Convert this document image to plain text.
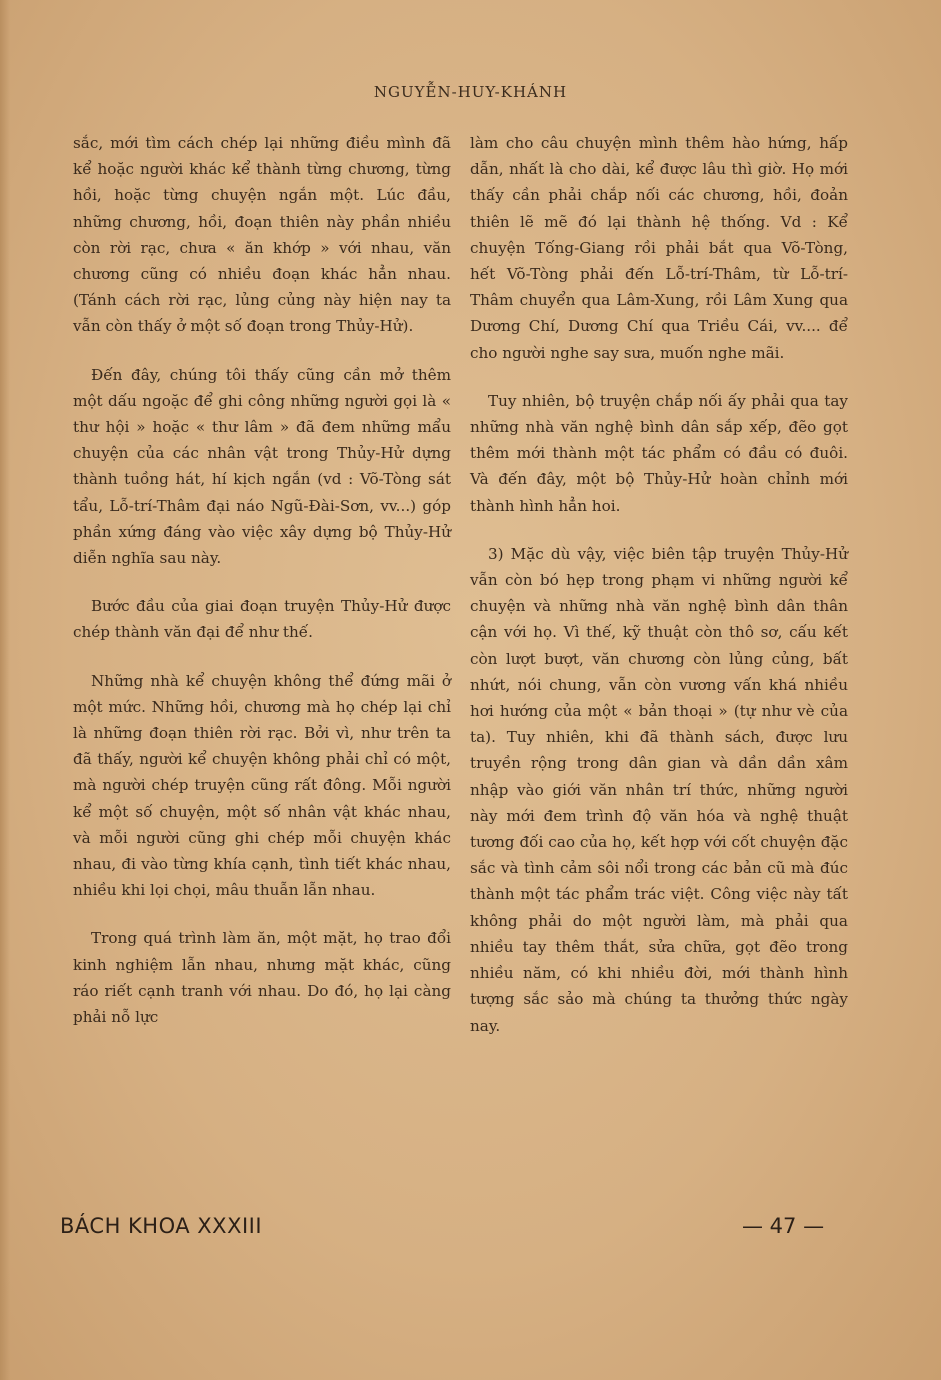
NGUYỄN-HUY-KHÁNH

sắc, mới tìm cách chép lại những điều mình đã kể hoặc người khác kể thành từng chương, từng hồi, hoặc từng chuyện ngắn một. Lúc đầu, những chương, hồi, đoạn thiên này phần nhiều còn rời rạc, chưa « ăn khớp » với nhau, văn chương cũng có nhiều đoạn khác hẳn nhau. (Tánh cách rời rạc, lủng củng này hiện nay ta vẫn còn thấy ở một số đoạn trong Thủy-Hử).

Đến đây, chúng tôi thấy cũng cần mở thêm một dấu ngoặc để ghi công những người gọi là « thư hội » hoặc « thư lâm » đã đem những mẩu chuyện của các nhân vật trong Thủy-Hử dựng thành tuồng hát, hí kịch ngắn (vd : Võ-Tòng sát tẩu, Lỗ-trí-Thâm đại náo Ngũ-Đài-Sơn, vv...) góp phần xứng đáng vào việc xây dựng bộ Thủy-Hử diễn nghĩa sau này.

Bước đầu của giai đoạn truyện Thủy-Hử được chép thành văn đại để như thế.

Những nhà kể chuyện không thể đứng mãi ở một mức. Những hồi, chương mà họ chép lại chỉ là những đoạn thiên rời rạc. Bởi vì, như trên ta đã thấy, người kể chuyện không phải chỉ có một, mà người chép truyện cũng rất đông. Mỗi người kể một số chuyện, một số nhân vật khác nhau, và mỗi người cũng ghi chép mỗi chuyện khác nhau, đi vào từng khía cạnh, tình tiết khác nhau, nhiều khi lọi chọi, mâu thuẫn lẫn nhau.

Trong quá trình làm ăn, một mặt, họ trao đổi kinh nghiệm lẫn nhau, nhưng mặt khác, cũng ráo riết cạnh tranh với nhau. Do đó, họ lại càng phải nỗ lực

làm cho câu chuyện mình thêm hào hứng, hấp dẫn, nhất là cho dài, kể được lâu thì giờ. Họ mới thấy cần phải chắp nối các chương, hồi, đoản thiên lẽ mẽ đó lại thành hệ thống. Vd : Kể chuyện Tống-Giang rồi phải bắt qua Võ-Tòng, hết Võ-Tòng phải đến Lỗ-trí-Thâm, từ Lỗ-trí-Thâm chuyển qua Lâm-Xung, rồi Lâm Xung qua Dương Chí, Dương Chí qua Triều Cái, vv.... để cho người nghe say sưa, muốn nghe mãi.

Tuy nhiên, bộ truyện chắp nối ấy phải qua tay những nhà văn nghệ bình dân sắp xếp, đẽo gọt thêm mới thành một tác phẩm có đầu có đuôi. Và đến đây, một bộ Thủy-Hử hoàn chỉnh mới thành hình hẳn hoi.

3) Mặc dù vậy, việc biên tập truyện Thủy-Hử vẫn còn bó hẹp trong phạm vi những người kể chuyện và những nhà văn nghệ bình dân thân cận với họ. Vì thế, kỹ thuật còn thô sơ, cấu kết còn lượt bượt, văn chương còn lủng củng, bất nhứt, nói chung, vẫn còn vương vấn khá nhiều hơi hướng của một « bản thoại » (tự như vè của ta). Tuy nhiên, khi đã thành sách, được lưu truyền rộng trong dân gian và dần dần xâm nhập vào giới văn nhân trí thức, những người này mới đem trình độ văn hóa và nghệ thuật tương đối cao của họ, kết hợp với cốt chuyện đặc sắc và tình cảm sôi nổi trong các bản cũ mà đúc thành một tác phẩm trác việt. Công việc này tất không phải do một người làm, mà phải qua nhiều tay thêm thắt, sửa chữa, gọt đẽo trong nhiều năm, có khi nhiều đời, mới thành hình tượng sắc sảo mà chúng ta thưởng thức ngày nay.

BÁCH KHOA XXXIII	— 47 —
